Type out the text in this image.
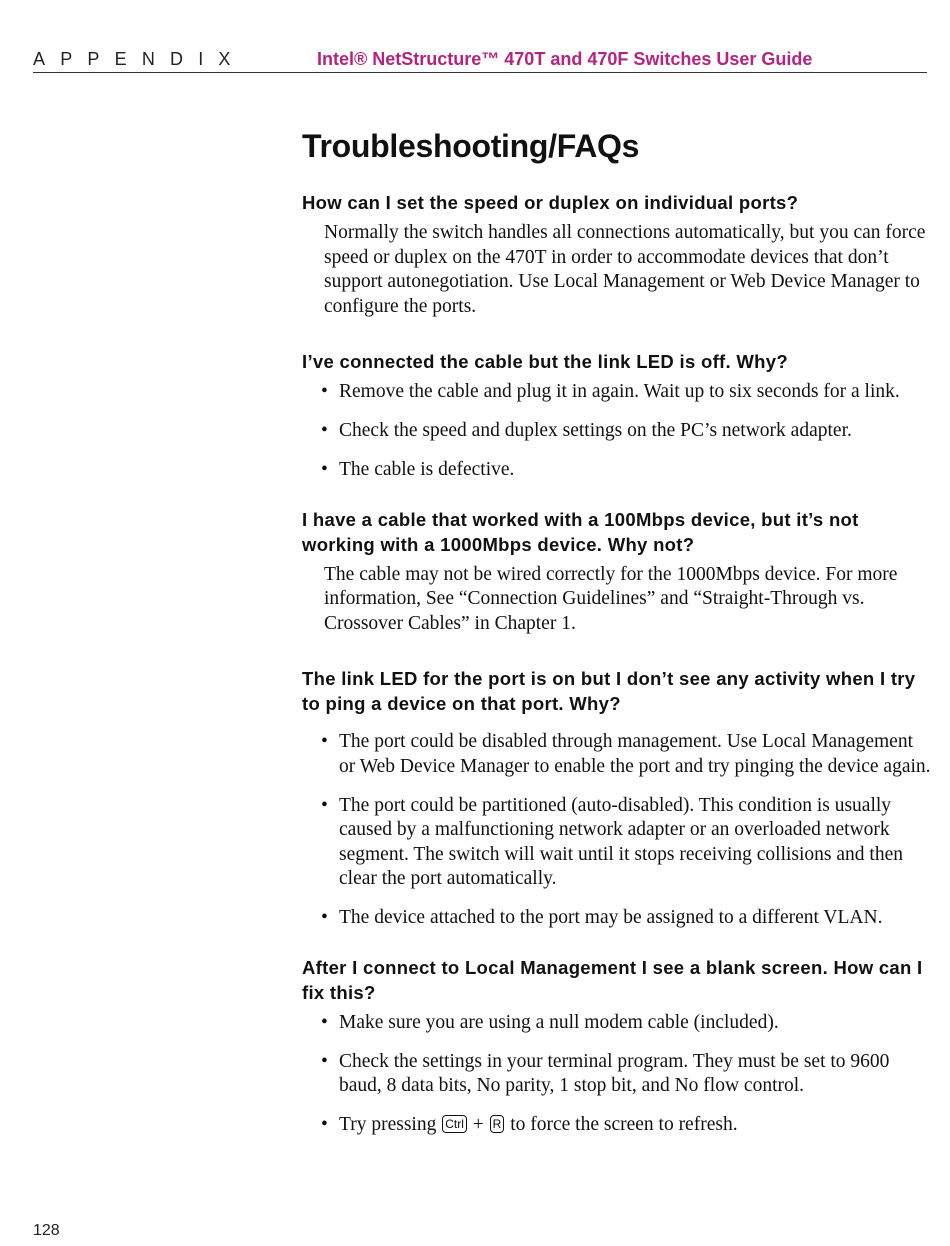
APPENDIX	Intel® NetStructure™ 470T and 470F Switches User Guide
Troubleshooting/FAQs
How can I set the speed or duplex on individual ports?

Normally the switch handles all connections automatically, but you can force speed or duplex on the 470T in order to accommodate devices that don’t support autonegotiation. Use Local Management or Web Device Manager to configure the ports.

I’ve connected the cable but the link LED is off. Why?
• Remove the cable and plug it in again. Wait up to six seconds for a link.
• Check the speed and duplex settings on the PC’s network adapter.
• The cable is defective.
I have a cable that worked with a 100Mbps device, but it’s not working with a 1000Mbps device. Why not?

The cable may not be wired correctly for the 1000Mbps device. For more information, See “Connection Guidelines” and “Straight-Through vs. Crossover Cables” in Chapter 1.

The link LED for the port is on but I don’t see any activity when I try to ping a device on that port. Why?
• The port could be disabled through management. Use Local Management or Web Device Manager to enable the port and try pinging the device again.
• The port could be partitioned (auto-disabled). This condition is usually caused by a malfunctioning network adapter or an overloaded network segment. The switch will wait until it stops receiving collisions and then clear the port automatically.
• The device attached to the port may be assigned to a different VLAN.
After I connect to Local Management I see a blank screen. How can I fix this?
• Make sure you are using a null modem cable (included).
• Check the settings in your terminal program. They must be set to 9600 baud, 8 data bits, No parity, 1 stop bit, and No flow control.
• Try pressing Ctrl + R to force the screen to refresh.
128
